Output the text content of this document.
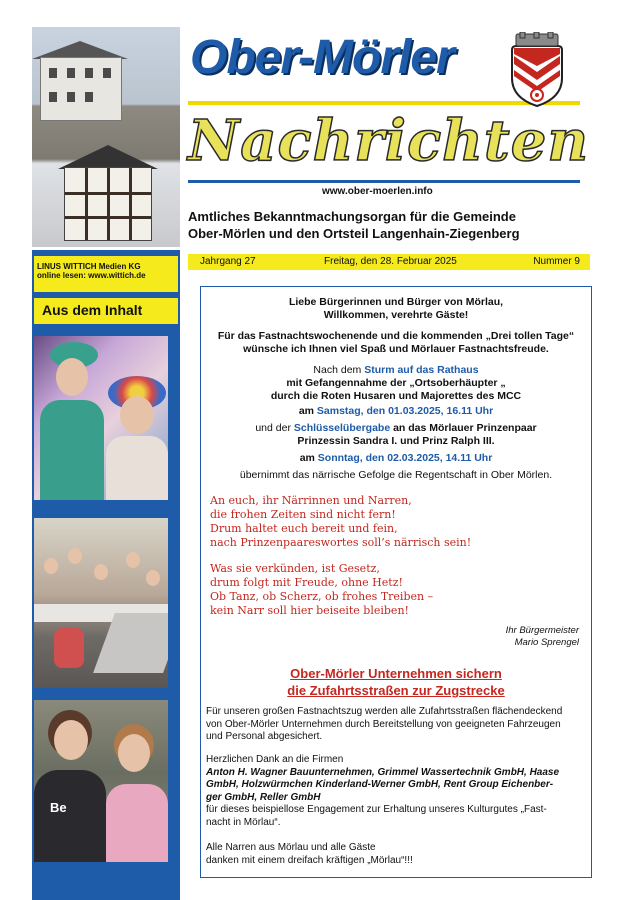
Ober-Mörler
Nachrichten
www.ober-moerlen.info
Amtliches Bekanntmachungsorgan für die Gemeinde
Ober-Mörlen und den Ortsteil Langenhain-Ziegenberg
LINUS WITTICH Medien KG
online lesen: www.wittich.de
Aus dem Inhalt
Be
Jahrgang 27	Freitag, den 28. Februar 2025	Nummer 9
Liebe Bürgerinnen und Bürger von Mörlau,
Willkommen, verehrte Gäste!
Für das Fastnachtswochenende und die kommenden „Drei tollen Tage“
wünsche ich Ihnen viel Spaß und Mörlauer Fastnachtsfreude.
Nach dem Sturm auf das Rathaus
mit Gefangennahme der „Ortsoberhäupter „
durch die Roten Husaren und Majorettes des MCC
am Samstag, den 01.03.2025, 16.11 Uhr
und der Schlüsselübergabe an das Mörlauer Prinzenpaar
Prinzessin Sandra I. und Prinz Ralph III.
am Sonntag, den 02.03.2025, 14.11 Uhr
übernimmt das närrische Gefolge die Regentschaft in Ober Mörlen.
An euch, ihr Närrinnen und Narren,
die frohen Zeiten sind nicht fern!
Drum haltet euch bereit und fein,
nach Prinzenpaareswortes soll’s närrisch sein!
Was sie verkünden, ist Gesetz,
drum folgt mit Freude, ohne Hetz!
Ob Tanz, ob Scherz, ob frohes Treiben –
kein Narr soll hier beiseite bleiben!
Ihr Bürgermeister
Mario Sprengel
Ober-Mörler Unternehmen sichern
die Zufahrtsstraßen zur Zugstrecke
Für unseren großen Fastnachtszug werden alle Zufahrtsstraßen flächendeckend
von Ober-Mörler Unternehmen durch Bereitstellung von geeigneten Fahrzeugen
und Personal abgesichert.
Herzlichen Dank an die Firmen
Anton H. Wagner Bauunternehmen, Grimmel Wassertechnik GmbH, Haase
GmbH, Holzwürmchen Kinderland-Werner GmbH, Rent Group Eichenber-
ger GmbH, Reller GmbH
für dieses beispiellose Engagement zur Erhaltung unseres Kulturgutes „Fast-
nacht in Mörlau“.
Alle Narren aus Mörlau und alle Gäste
danken mit einem dreifach kräftigen „Mörlau“!!!
